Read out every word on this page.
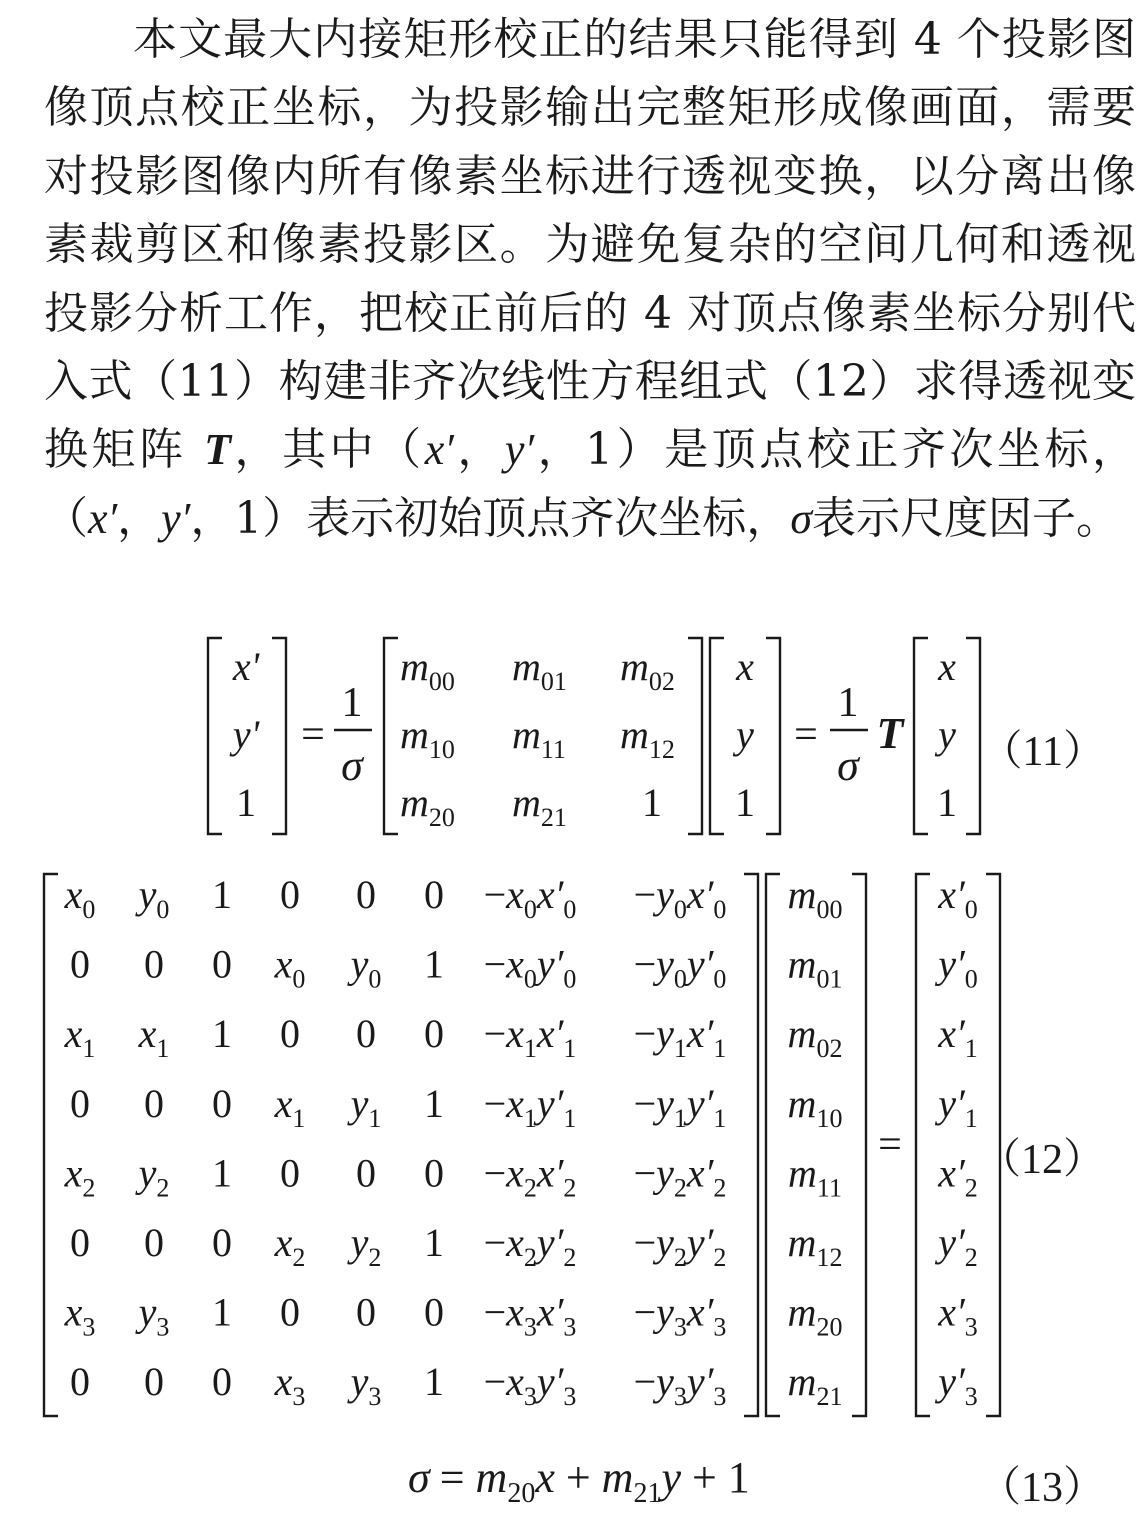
本文最大内接矩形校正的结果只能得到 4 个投影图像顶点校正坐标，为投影输出完整矩形成像画面，需要对投影图像内所有像素坐标进行透视变换，以分离出像素裁剪区和像素投影区。为避免复杂的空间几何和透视投影分析工作，把校正前后的 4 对顶点像素坐标分别代入式（11）构建非齐次线性方程组式（12）求得透视变换矩阵 T，其中（x′，y′，1）是顶点校正齐次坐标，（x′，y′，1）表示初始顶点齐次坐标，σ表示尺度因子。

x'
y'
1
=
1
σ
$m_{00}$ $m_{01}$ $m_{02}$
$m_{10}$ $m_{11}$ $m_{12}$
$m_{20}$ $m_{21}$ 1
x
y
1
=
1
σ
T
x
y
1
（11）
=
$x_0$ $y_0$ 1 0 0 $0 -x_0x'_0 -y_0x'_0$
0 0 0 $x_0$ $y_0$ $1 -x_0y'_0 -y_0y'_0$
$x'_0$
$y'_0$
$x_1$ $x_1$ 1 0 0 $0 -x_1x'_1 -y_1x'_1$
0 0 0 $x_1$ $y_1$ $1 -x_1y'_1 -y_1y'_1$
$x'_1$
$y'_1$
$x_2$ $y_2$ 1 0 0 $0 -x_2x'_2 -y_2x'_2$
0 0 0 $x_2$ $y_2$ $1 -x_2y'_2 -y_2y'_2$
$x'_2$
$y'_2$
$x_3$ $y_3$ 1 0 0 $0 -x_3x'_3 -y_3x'_3$
0 0 0 $x_3$ $y_3$ $1 -x_3y'_3 -y_3y'_3$
$x'_3$
$y'_3$
$m_{00}$
$m_{01}$
$m_{02}$
$m_{10}$
$m_{11}$
$m_{12}$
$m_{20}$
$m_{21}$
（12）
$\sigma = m_{20}x + m_{21}y + 1$	（13）
